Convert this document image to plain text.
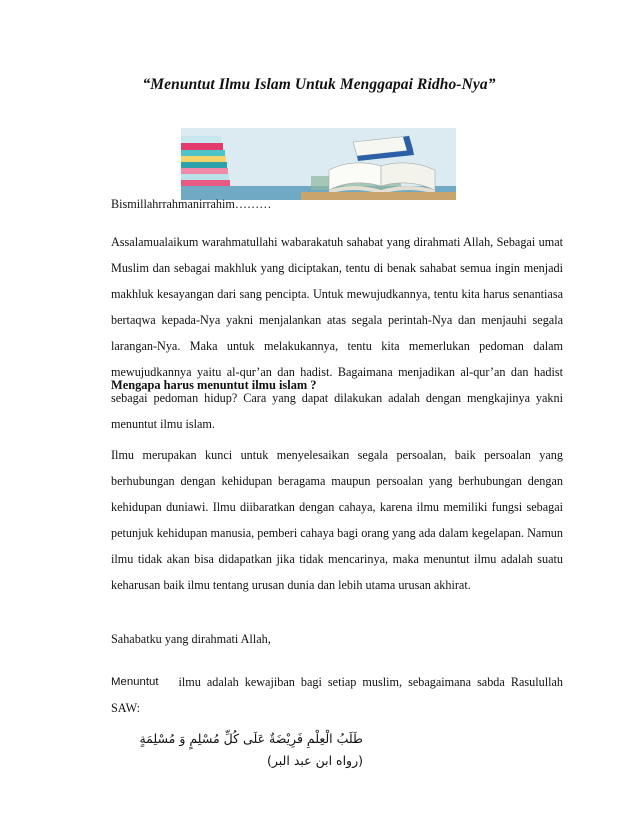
“Menuntut Ilmu Islam Untuk Menggapai Ridho-Nya”

Bismillahrrahmanirrahim………

Assalamualaikum warahmatullahi wabarakatuh sahabat yang dirahmati Allah, Sebagai umat Muslim dan sebagai makhluk yang diciptakan, tentu di benak sahabat semua ingin menjadi makhluk kesayangan dari sang pencipta. Untuk mewujudkannya, tentu kita harus senantiasa bertaqwa kepada-Nya yakni menjalankan atas segala perintah-Nya dan menjauhi segala larangan-Nya. Maka untuk melakukannya, tentu kita memerlukan pedoman dalam mewujudkannya yaitu al-qur’an dan hadist. Bagaimana menjadikan al-qur’an dan hadist sebagai pedoman hidup? Cara yang dapat dilakukan adalah dengan mengkajinya yakni menuntut ilmu islam.

Mengapa harus menuntut ilmu islam ?

Ilmu merupakan kunci untuk menyelesaikan segala persoalan, baik persoalan yang berhubungan dengan kehidupan beragama maupun persoalan yang berhubungan dengan kehidupan duniawi. Ilmu diibaratkan dengan cahaya, karena ilmu memiliki fungsi sebagai petunjuk kehidupan manusia, pemberi cahaya bagi orang yang ada dalam kegelapan. Namun ilmu tidak akan bisa didapatkan jika tidak mencarinya, maka menuntut ilmu adalah suatu keharusan baik ilmu tentang urusan dunia dan lebih utama urusan akhirat.

Sahabatku yang dirahmati Allah,

Menuntut ilmu adalah kewajiban bagi setiap muslim, sebagaimana sabda Rasulullah

SAW:

طَلَبُ الْعِلْمِ فَرِيْضَةٌ عَلَى كُلِّ مُسْلِمٍ وَ مُسْلِمَةٍ (رواه ابن عبد البر)
